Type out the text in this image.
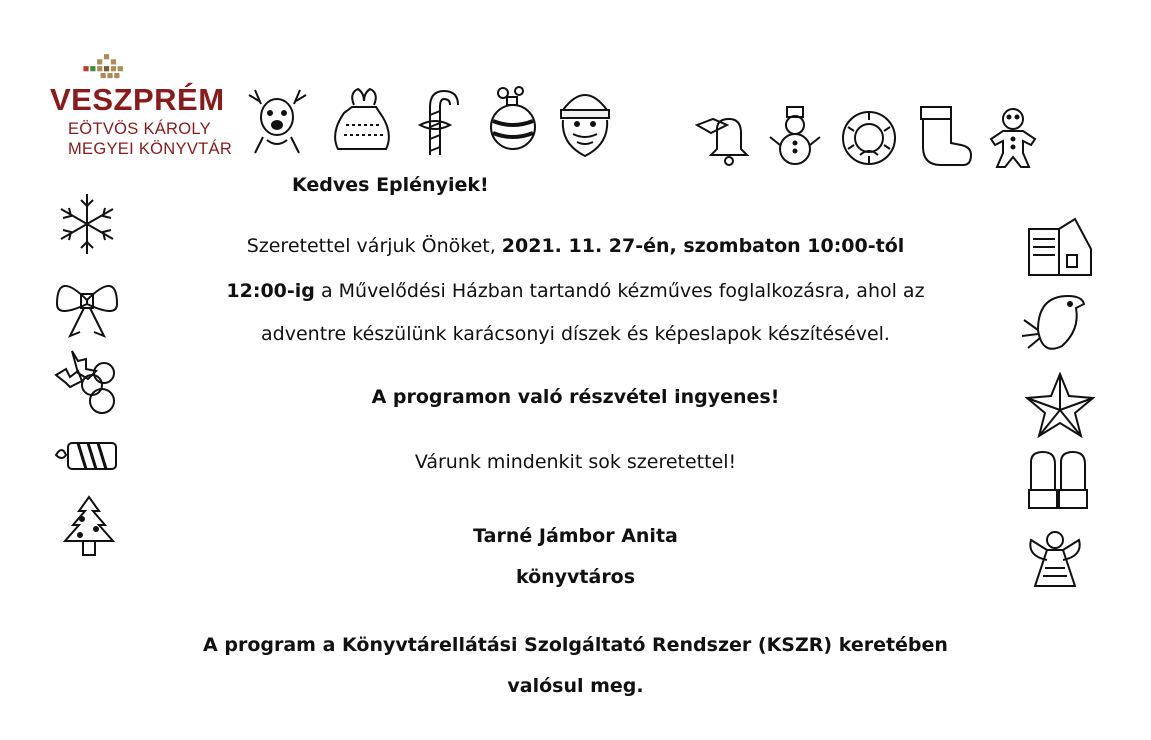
VESZPRÉM
EÖTVÖS KÁROLY
MEGYEI KÖNYVTÁR
Kedves Eplényiek!
Szeretettel várjuk Önöket, 2021. 11. 27-én, szombaton 10:00-tól
12:00-ig a Művelődési Házban tartandó kézműves foglalkozásra, ahol az
adventre készülünk karácsonyi díszek és képeslapok készítésével.
A programon való részvétel ingyenes!
Várunk mindenkit sok szeretettel!
Tarné Jámbor Anita
könyvtáros
A program a Könyvtárellátási Szolgáltató Rendszer (KSZR) keretében
valósul meg.
